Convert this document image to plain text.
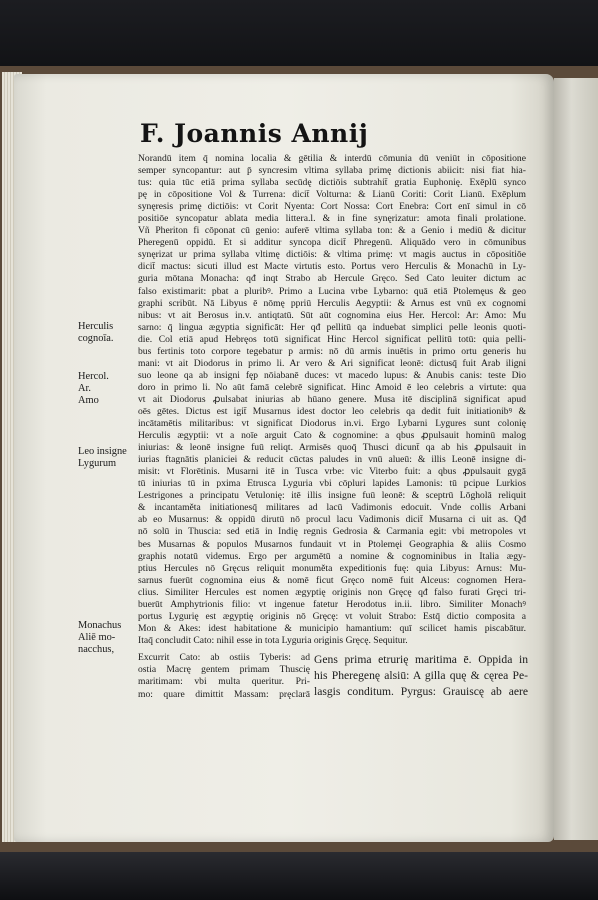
F. Joannis Annij
Norandū item q̄ nomina localia & gētilia & interdū cōmunia dū veniūt in cōpositione
semper syncopantur: aut p̄ syncresim vltima syllaba primę dictionis abiicit: nisi fiat hia-
tus: quia tūc etiā prima syllaba secūdę dictiōis subtrahit̄ gratia Euphonię. Exēplū synco
pę in cōpositione Vol & Turrena: dicit̄ Volturna: & Lianū Coriti: Corit Lianū. Exēplum
synęresis primę dictiōis: vt Corit Nyenta: Cort Nossa: Cort Enebra: Cort enī simul in cō
positiōe syncopatur ablata media littera.l. & in fine synęrizatur: amota finali prolatione.
Vñ Pheriton fi cōponat cū genio: auferē vltima syllaba ton: & a Genio i mediū & dicitur
Pheregenū oppidū. Et si additur syncopa dicit̄ Phregenū. Aliquādo vero in cōmunibus
synęrizat ur prima syllaba vltimę dictiōis: & vltima primę: vt magis auctus in cōpositiōe
dicit̄ mactus: sicuti illud est Macte virtutis esto. Portus vero Herculis & Monachū in Ly-
guria mōtana Monacha: qđ inqt Strabo ab Hercule Gręco. Sed Cato leuiter dictum ac
falso existimarit: pbat a pluribꝰ. Primo a Lucina vrbe Lybarno: quā etiā Ptolemęus & geo
graphi scribūt. Nā Libyus ē nōmę ppriū Herculis Aegyptii: & Arnus est vnū ex cognomi
nibus: vt ait Berosus in.v. antiqtatū. Sūt aūt cognomina eius Her. Hercol: Ar: Amo: Mu
sarno: q̄ lingua ægyptia significāt: Her qđ pellitū qa induebat simplici pelle leonis quoti-
die. Col etiā apud Hebręos totū significat Hinc Hercol significat pellitū totū: quia pelli-
bus fertinis toto corpore tegebatur p armis: nō dū armis inuētis in primo ortu generis hu
mani: vt ait Diodorus in primo li. Ar vero & Ari significat leonē: dictusq̄ fuit Arab iligni
suo leone qa ab insigni fęp nōiabanē duces: vt macedo lupus: & Anubis canis: teste Dio
doro in primo li. No aūt famā celebrē significat. Hinc Amoid ē leo celebris a virtute: qua
vt ait Diodorus ꝓulsabat iniurias ab hūano genere. Musa itē disciplinā significat apud
oēs gētes. Dictus est igit̄ Musarnus idest doctor leo celebris qa dedit fuit initiationibꝰ &
incātamētis militaribus: vt significat Diodorus in.vi. Ergo Lybarni Lygures sunt colonię
Herculis ægyptii: vt a noīe arguit Cato & cognomine: a qbus ꝓpulsauit hominū malog
iniurias: & leonē insigne fuū reliqt. Armisēs quoq̄ Thusci dicunt̄ qa ab his ꝓpulsauit in
iurias ftagnātis planiciei & reducit cūctas paludes in vnū alueū: & illis Leonē insigne di-
misit: vt Florētinis. Musarni itē in Tusca vrbe: vic Viterbo fuit: a qbus ꝓpulsauit gygā
tū iniurias tū in pxima Etrusca Lyguria vbi cōpluri lapides Lamonis: tū pcipue Lurkios
Lestrigones a principatu Vetulonię: itē illis insigne fuū leonē: & sceptrū Lōgholā reliquit
& incantaměta initiationesq̄ militares ad lacū Vadimonis edocuit. Vnde collis Arbani
ab eo Musarnus: & oppidū dirutū nō procul lacu Vadimonis dicit̄ Musarna ci uit as. Qđ
nō solū in Thuscia: sed etiā in Indię regnis Gedrosia & Carmania egit: vbi metropoles vt
bes Musarnas & populos Musarnos fundauit vt in Ptolemęi Geographia & aliis Cosmo
graphis notatū videmus. Ergo per argumētū a nomine & cognominibus in Italia ægy-
ptius Hercules nō Gręcus reliquit monuměta expeditionis fuę: quia Libyus: Arnus: Mu-
sarnus fuerūt cognomina eius & nomē ficut Gręco nomē fuit Alceus: cognomen Hera-
clius. Similiter Hercules est nomen ægyptię originis non Gręcę qđ falso furati Gręci tri-
buerūt Amphytrionis filio: vt ingenue fatetur Herodotus in.ii. libro. Similiter Monachꝰ
portus Lygurię est ægyptię originis nō Gręcę: vt voluit Strabo: Estq̄ dictio composita a
Mon & Akes: idest habitatione & municipio hamantium: quī scilicet hamis piscabātur.
Itaq̄ concludit Cato: nihil esse in tota Lyguria originis Gręcę. Sequitur.
Herculis
cognoīa.
Hercol.
Ar.
Amo
Leo insigne
Lygurum
Monachus
Aliē mo-
nacchus,
Excurrit Cato: ab ostiis Tyberis: ad
ostia Macrę gentem primam Thuscię
maritimam: vbi multa queritur. Pri-
mo: quare dimittit Massam: pręclarā
Gens prima etrurię maritima ē. Oppida in
his Pheregenę alsiū: A gilla quę & cęrea Pe-
lasgis conditum. Pyrgus: Grauiscę ab aere
